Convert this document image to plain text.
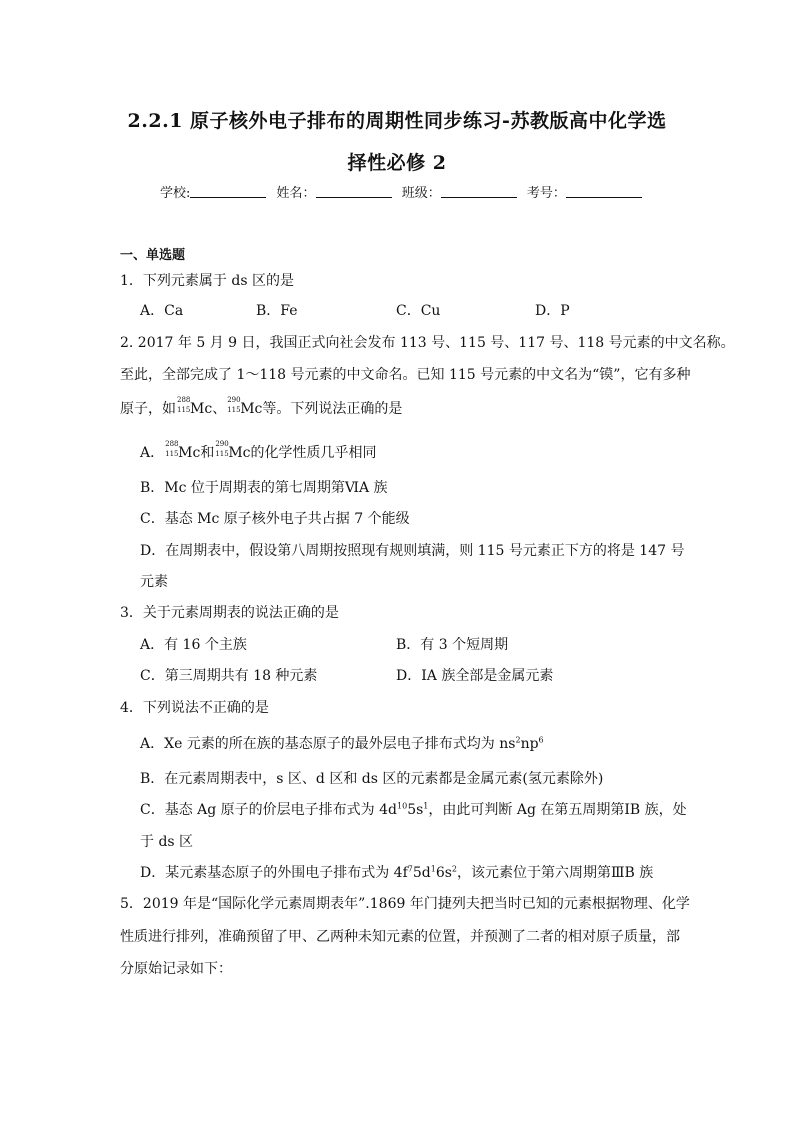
2.2.1 原子核外电子排布的周期性同步练习-苏教版高中化学选
择性必修 2
学校:	姓名：	班级：	考号：
一、单选题
1．下列元素属于 ds 区的是
A．Ca	B．Fe	C．Cu	D．P
2. 2017 年 5 月 9 日，我国正式向社会发布 113 号、115 号、117 号、118 号元素的中文名称。
至此，全部完成了 1～118 号元素的中文命名。已知 115 号元素的中文名为“镆”，它有多种
原子，如
288
115 Mc、
290
115 Mc等。下列说法正确的是
A．
288
115 Mc和
290
115 Mc的化学性质几乎相同
B．Mc 位于周期表的第七周期第ⅥA 族
C．基态 Mc 原子核外电子共占据 7 个能级
D．在周期表中，假设第八周期按照现有规则填满，则 115 号元素正下方的将是 147 号
元素
3．关于元素周期表的说法正确的是
A．有 16 个主族	B．有 3 个短周期
C．第三周期共有 18 种元素	D．IA 族全部是金属元素
4．下列说法不正确的是
A．Xe 元素的所在族的基态原子的最外层电子排布式均为 $ns^2np^6$
B．在元素周期表中，s 区、d 区和 ds 区的元素都是金属元素(氢元素除外)
C．基态 Ag 原子的价层电子排布式为 $4d^{10}5s^1$，由此可判断 Ag 在第五周期第ⅠB 族，处
于 ds 区
D．某元素基态原子的外围电子排布式为 $4f^75d^16s^2$，该元素位于第六周期第ⅢB 族
5．2019 年是“国际化学元素周期表年”.1869 年门捷列夫把当时已知的元素根据物理、化学
性质进行排列，准确预留了甲、乙两种未知元素的位置，并预测了二者的相对原子质量，部
分原始记录如下：
